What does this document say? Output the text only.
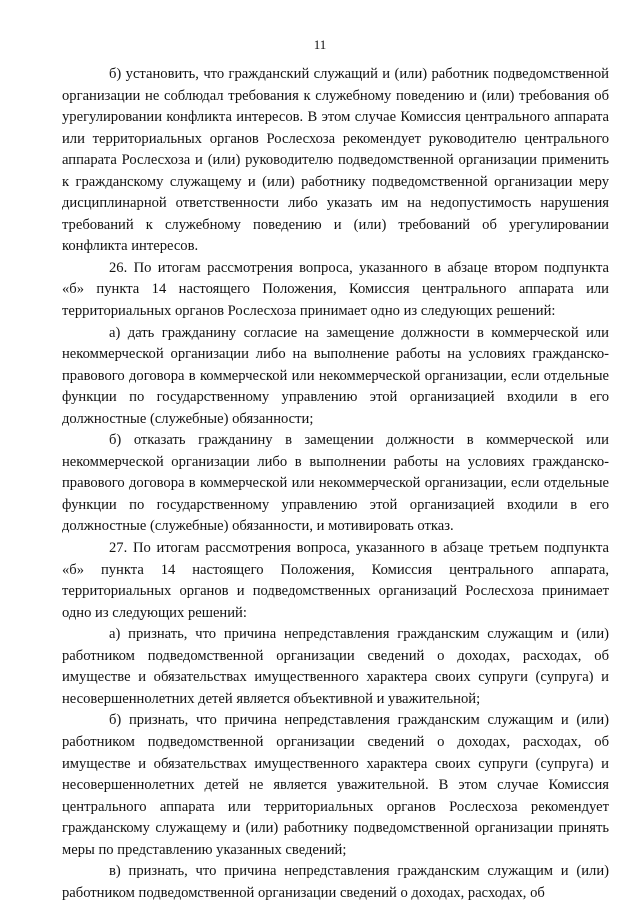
11

б) установить, что гражданский служащий и (или) работник подведомственной организации не соблюдал требования к служебному поведению и (или) требования об урегулировании конфликта интересов. В этом случае Комиссия центрального аппарата или территориальных органов Рослесхоза рекомендует руководителю центрального аппарата Рослесхоза и (или) руководителю подведомственной организации применить к гражданскому служащему и (или) работнику подведомственной организации меру дисциплинарной ответственности либо указать им на недопустимость нарушения требований к служебному поведению и (или) требований об урегулировании конфликта интересов.

26. По итогам рассмотрения вопроса, указанного в абзаце втором подпункта «б» пункта 14 настоящего Положения, Комиссия центрального аппарата или территориальных органов Рослесхоза принимает одно из следующих решений:

а) дать гражданину согласие на замещение должности в коммерческой или некоммерческой организации либо на выполнение работы на условиях гражданско-правового договора в коммерческой или некоммерческой организации, если отдельные функции по государственному управлению этой организацией входили в его должностные (служебные) обязанности;

б) отказать гражданину в замещении должности в коммерческой или некоммерческой организации либо в выполнении работы на условиях гражданско-правового договора в коммерческой или некоммерческой организации, если отдельные функции по государственному управлению этой организацией входили в его должностные (служебные) обязанности, и мотивировать отказ.

27. По итогам рассмотрения вопроса, указанного в абзаце третьем подпункта «б» пункта 14 настоящего Положения, Комиссия центрального аппарата, территориальных органов и подведомственных организаций Рослесхоза принимает одно из следующих решений:

а) признать, что причина непредставления гражданским служащим и (или) работником подведомственной организации сведений о доходах, расходах, об имуществе и обязательствах имущественного характера своих супруги (супруга) и несовершеннолетних детей является объективной и уважительной;

б) признать, что причина непредставления гражданским служащим и (или) работником подведомственной организации сведений о доходах, расходах, об имуществе и обязательствах имущественного характера своих супруги (супруга) и несовершеннолетних детей не является уважительной. В этом случае Комиссия центрального аппарата или территориальных органов Рослесхоза рекомендует гражданскому служащему и (или) работнику подведомственной организации принять меры по представлению указанных сведений;

в) признать, что причина непредставления гражданским служащим и (или) работником подведомственной организации сведений о доходах, расходах, об
